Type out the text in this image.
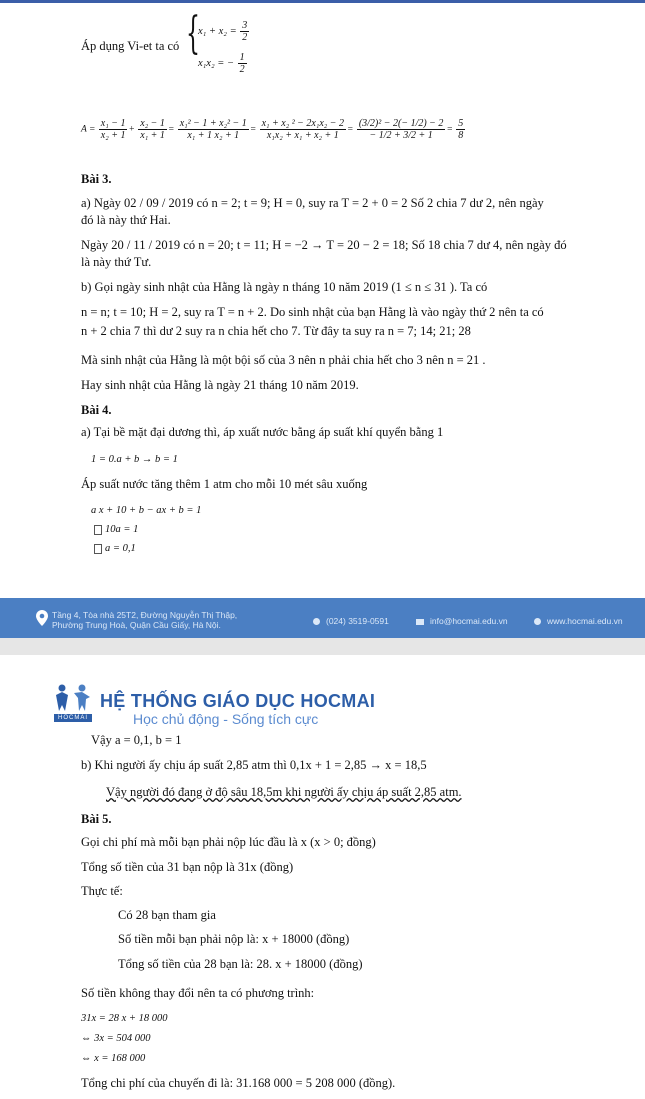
Áp dụng Vi-et ta có {
$x_1 + x_2 = \frac{3}{2}$
x₁x₂ = − $\frac{1}{2}$
$A = \frac{\text{x₁ − 1}}{\text{x₂ + 1}} + \frac{\text{x₂ − 1}}{\text{x₁ + 1}} = \frac{\text{x₁² − 1 + x₂² − 1}}{\text{x₁ + 1 x₂ + 1}} = \frac{\text{x₁ + x₂ ² − 2x₁x₂ − 2}}{\text{x₁x₂ + x₁ + x₂ + 1}} = \frac{\text{(3/2)² − 2(− 1/2) − 2}}{- 1/2 + 3/2 + 1} = \frac{5}{8}$
Bài 3.
a) Ngày 02 / 09 / 2019 có n = 2; t = 9; H = 0, suy ra T = 2 + 0 = 2 Số 2 chia 7 dư 2, nên ngày
đó là này thứ Hai.
Ngày 20 / 11 / 2019 có n = 20; t = 11; H = −2 → T = 20 − 2 = 18; Số 18 chia 7 dư 4, nên ngày đó
là này thứ Tư.
b) Gọi ngày sinh nhật của Hằng là ngày n tháng 10 năm 2019 (1 ≤ n ≤ 31 ). Ta có
n = n; t = 10; H = 2, suy ra T = n + 2. Do sinh nhật của bạn Hằng là vào ngày thứ 2 nên ta có
n + 2 chia 7 thì dư 2 suy ra n chia hết cho 7. Từ đây ta suy ra n = 7; 14; 21; 28
Mà sinh nhật của Hằng là một bội số của 3 nên n phải chia hết cho 3 nên n = 21 .
Hay sinh nhật của Hằng là ngày 21 tháng 10 năm 2019.
Bài 4.
a) Tại bề mặt đại dương thì, áp xuất nước bằng áp suất khí quyển bằng 1
1 = 0.a + b → b = 1
Áp suất nước tăng thêm 1 atm cho mỗi 10 mét sâu xuống
a x + 10 + b − ax + b = 1
10a = 1
a = 0,1
Tầng 4, Tòa nhà 25T2, Đường Nguyễn Thị Thập,
Phường Trung Hoà, Quận Cầu Giấy, Hà Nội.	(024) 3519-0591	info@hocmai.edu.vn	www.hocmai.edu.vn
HOCMAI
HỆ THỐNG GIÁO DỤC HOCMAI
Học chủ động - Sống tích cực
Vậy a = 0,1, b = 1
b) Khi người ấy chịu áp suất 2,85 atm thì 0,1x + 1 = 2,85 → x = 18,5
Vậy người đó đang ở độ sâu 18,5m khi người ấy chịu áp suất 2,85 atm.
Bài 5.
Gọi chi phí mà mỗi bạn phải nộp lúc đầu là x (x > 0; đồng)
Tổng số tiền của 31 bạn nộp là 31x (đồng)
Thực tế:
Có 28 bạn tham gia
Số tiền mỗi bạn phải nộp là: x + 18000 (đồng)
Tổng số tiền của 28 bạn là: 28. x + 18000 (đồng)
Số tiền không thay đổi nên ta có phương trình:
31x = 28 x + 18 000
⇔ 3x = 504 000
⇔ x = 168 000
Tổng chi phí của chuyến đi là: 31.168 000 = 5 208 000 (đồng).
